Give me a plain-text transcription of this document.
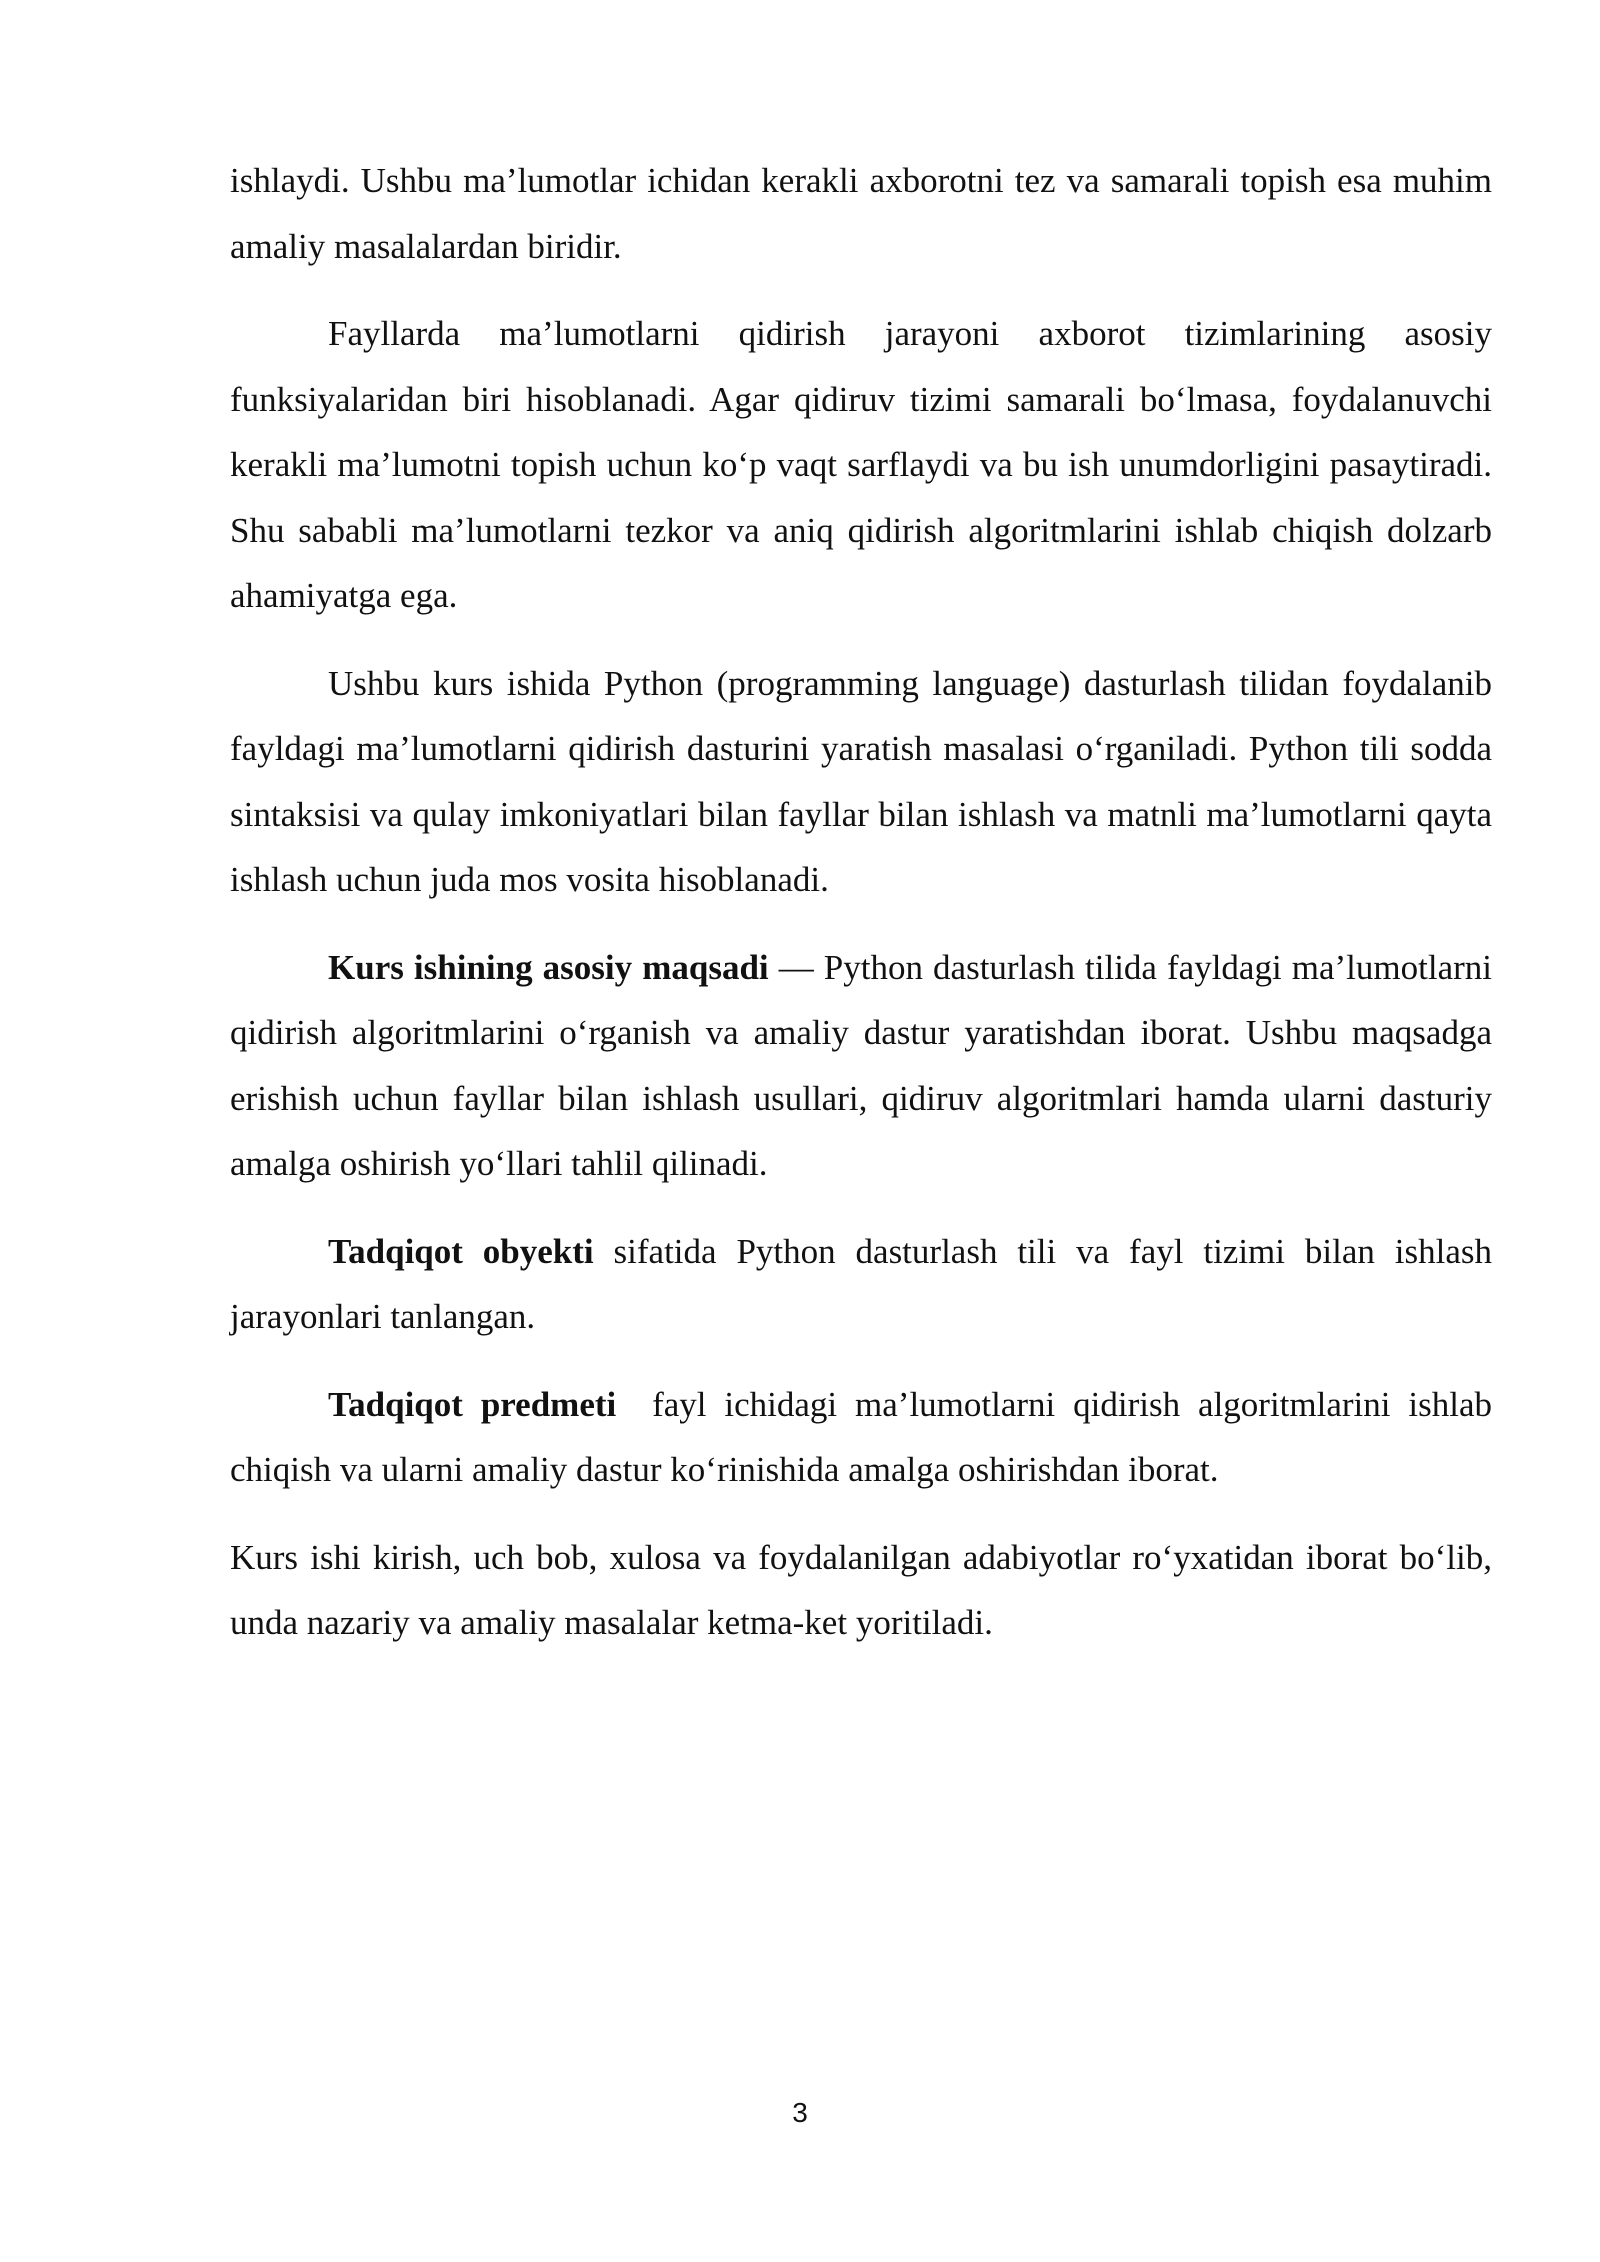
ishlaydi. Ushbu ma’lumotlar ichidan kerakli axborotni tez va samarali topish esa muhim amaliy masalalardan biridir.

Fayllarda ma’lumotlarni qidirish jarayoni axborot tizimlarining asosiy funksiyalaridan biri hisoblanadi. Agar qidiruv tizimi samarali bo‘lmasa, foydalanuvchi kerakli ma’lumotni topish uchun ko‘p vaqt sarflaydi va bu ish unumdorligini pasaytiradi. Shu sababli ma’lumotlarni tezkor va aniq qidirish algoritmlarini ishlab chiqish dolzarb ahamiyatga ega.

Ushbu kurs ishida Python (programming language) dasturlash tilidan foydalanib fayldagi ma’lumotlarni qidirish dasturini yaratish masalasi o‘rganiladi. Python tili sodda sintaksisi va qulay imkoniyatlari bilan fayllar bilan ishlash va matnli ma’lumotlarni qayta ishlash uchun juda mos vosita hisoblanadi.

Kurs ishining asosiy maqsadi — Python dasturlash tilida fayldagi ma’lumotlarni qidirish algoritmlarini o‘rganish va amaliy dastur yaratishdan iborat. Ushbu maqsadga erishish uchun fayllar bilan ishlash usullari, qidiruv algoritmlari hamda ularni dasturiy amalga oshirish yo‘llari tahlil qilinadi.

Tadqiqot obyekti sifatida Python dasturlash tili va fayl tizimi bilan ishlash jarayonlari tanlangan.

Tadqiqot predmeti  fayl ichidagi ma’lumotlarni qidirish algoritmlarini ishlab chiqish va ularni amaliy dastur ko‘rinishida amalga oshirishdan iborat.

Kurs ishi kirish, uch bob, xulosa va foydalanilgan adabiyotlar ro‘yxatidan iborat bo‘lib, unda nazariy va amaliy masalalar ketma-ket yoritiladi.

3
